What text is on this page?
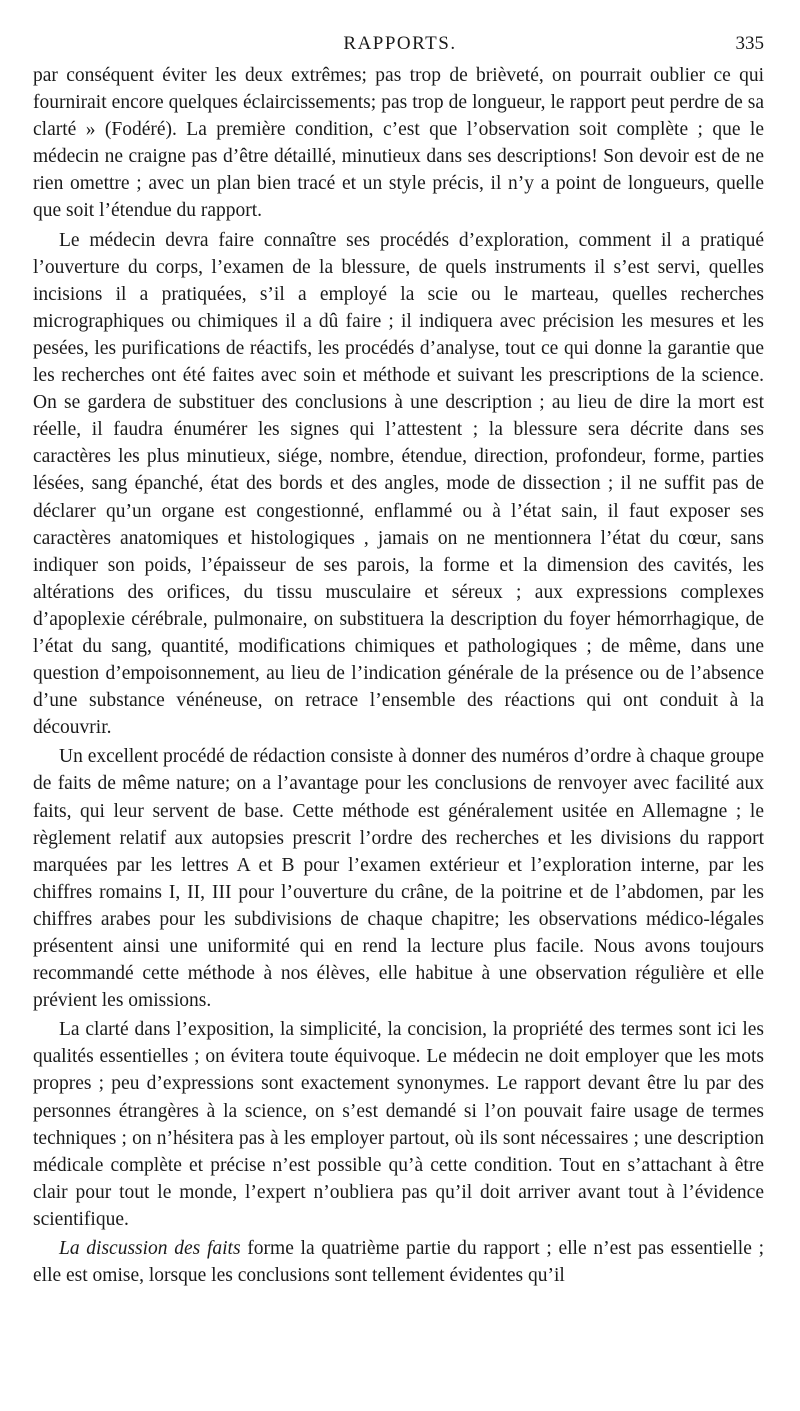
RAPPORTS.	335

par conséquent éviter les deux extrêmes; pas trop de brièveté, on pourrait oublier ce qui fournirait encore quelques éclaircissements; pas trop de longueur, le rapport peut perdre de sa clarté » (Fodéré). La première condition, c’est que l’observation soit complète ; que le médecin ne craigne pas d’être détaillé, minutieux dans ses descriptions! Son devoir est de ne rien omettre ; avec un plan bien tracé et un style précis, il n’y a point de longueurs, quelle que soit l’étendue du rapport.

Le médecin devra faire connaître ses procédés d’exploration, comment il a pratiqué l’ouverture du corps, l’examen de la blessure, de quels instruments il s’est servi, quelles incisions il a pratiquées, s’il a employé la scie ou le marteau, quelles recherches micrographiques ou chimiques il a dû faire ; il indiquera avec précision les mesures et les pesées, les purifications de réactifs, les procédés d’analyse, tout ce qui donne la garantie que les recherches ont été faites avec soin et méthode et suivant les prescriptions de la science. On se gardera de substituer des conclusions à une description ; au lieu de dire la mort est réelle, il faudra énumérer les signes qui l’attestent ; la blessure sera décrite dans ses caractères les plus minutieux, siége, nombre, étendue, direction, profondeur, forme, parties lésées, sang épanché, état des bords et des angles, mode de dissection ; il ne suffit pas de déclarer qu’un organe est congestionné, enflammé ou à l’état sain, il faut exposer ses caractères anatomiques et histologiques , jamais on ne mentionnera l’état du cœur, sans indiquer son poids, l’épaisseur de ses parois, la forme et la dimension des cavités, les altérations des orifices, du tissu musculaire et séreux ; aux expressions complexes d’apoplexie cérébrale, pulmonaire, on substituera la description du foyer hémorrhagique, de l’état du sang, quantité, modifications chimiques et pathologiques ; de même, dans une question d’empoisonnement, au lieu de l’indication générale de la présence ou de l’absence d’une substance vénéneuse, on retrace l’ensemble des réactions qui ont conduit à la découvrir.

Un excellent procédé de rédaction consiste à donner des numéros d’ordre à chaque groupe de faits de même nature; on a l’avantage pour les conclusions de renvoyer avec facilité aux faits, qui leur servent de base. Cette méthode est généralement usitée en Allemagne ; le règlement relatif aux autopsies prescrit l’ordre des recherches et les divisions du rapport marquées par les lettres A et B pour l’examen extérieur et l’exploration interne, par les chiffres romains I, II, III pour l’ouverture du crâne, de la poitrine et de l’abdomen, par les chiffres arabes pour les subdivisions de chaque chapitre; les observations médico-légales présentent ainsi une uniformité qui en rend la lecture plus facile. Nous avons toujours recommandé cette méthode à nos élèves, elle habitue à une observation régulière et elle prévient les omissions.

La clarté dans l’exposition, la simplicité, la concision, la propriété des termes sont ici les qualités essentielles ; on évitera toute équivoque. Le médecin ne doit employer que les mots propres ; peu d’expressions sont exactement synonymes. Le rapport devant être lu par des personnes étrangères à la science, on s’est demandé si l’on pouvait faire usage de termes techniques ; on n’hésitera pas à les employer partout, où ils sont nécessaires ; une description médicale complète et précise n’est possible qu’à cette condition. Tout en s’attachant à être clair pour tout le monde, l’expert n’oubliera pas qu’il doit arriver avant tout à l’évidence scientifique.

La discussion des faits forme la quatrième partie du rapport ; elle n’est pas essentielle ; elle est omise, lorsque les conclusions sont tellement évidentes qu’il
